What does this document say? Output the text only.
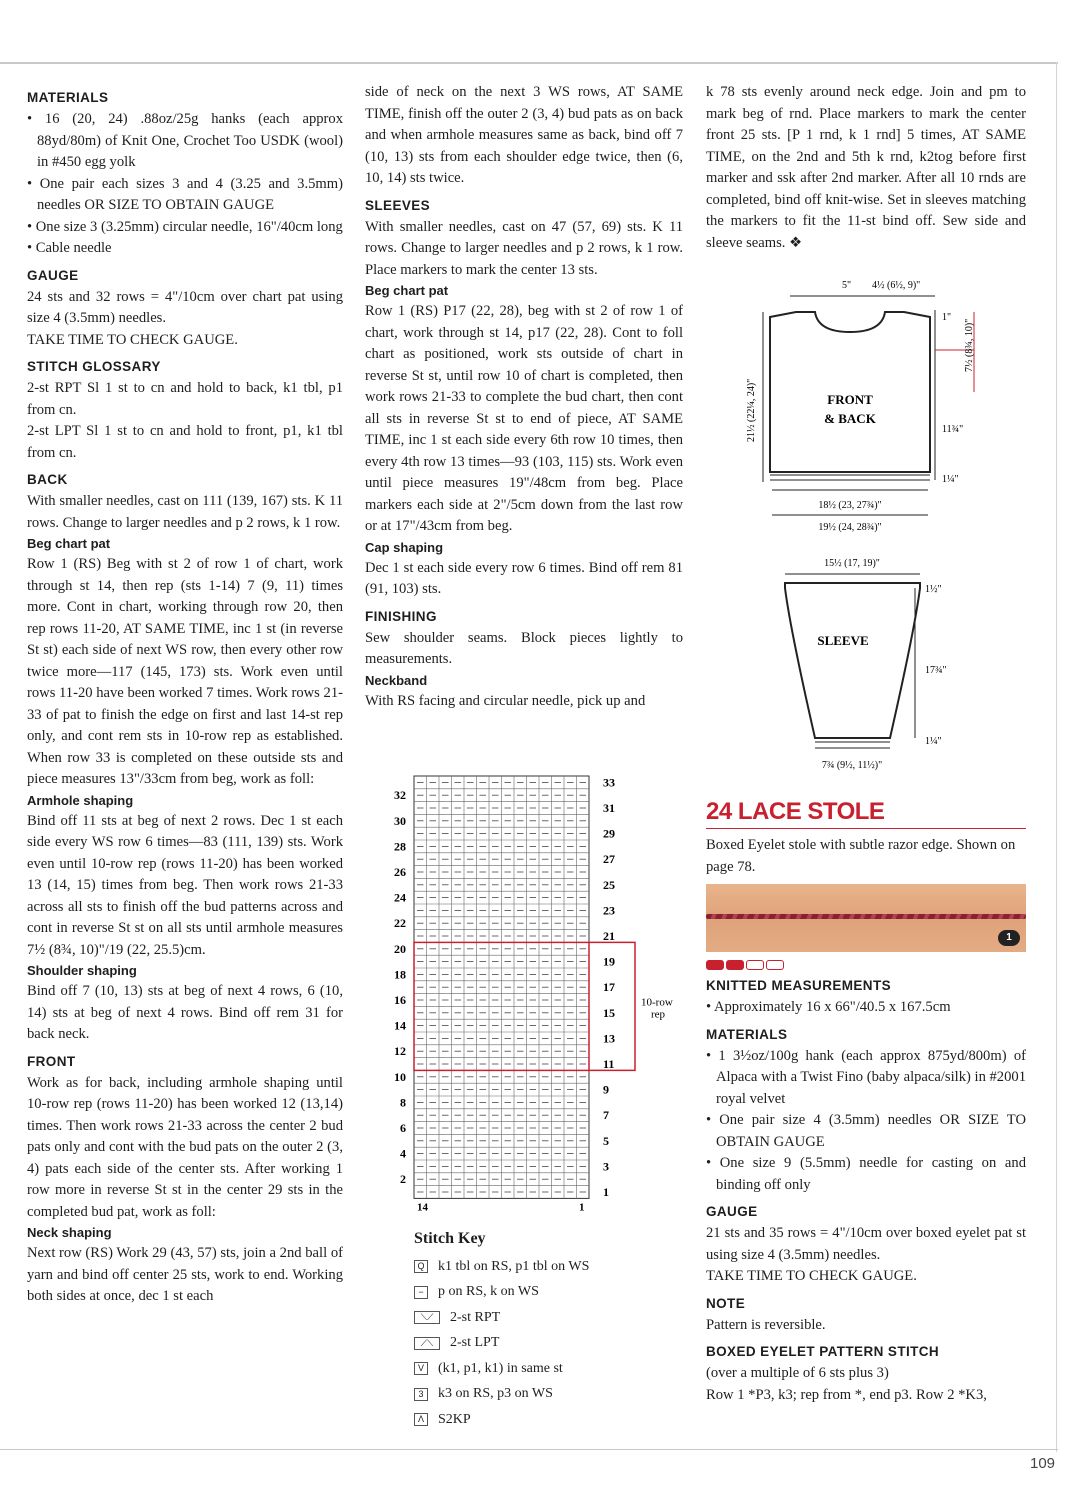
109
MATERIALS

• 16 (20, 24) .88oz/25g hanks (each approx 88yd/80m) of Knit One, Crochet Too USDK (wool) in #450 egg yolk

• One pair each sizes 3 and 4 (3.25 and 3.5mm) needles OR SIZE TO OBTAIN GAUGE

• One size 3 (3.25mm) circular needle, 16"/40cm long

• Cable needle

GAUGE

24 sts and 32 rows = 4"/10cm over chart pat using size 4 (3.5mm) needles.

TAKE TIME TO CHECK GAUGE.

STITCH GLOSSARY

2-st RPT Sl 1 st to cn and hold to back, k1 tbl, p1 from cn.

2-st LPT Sl 1 st to cn and hold to front, p1, k1 tbl from cn.

BACK

With smaller needles, cast on 111 (139, 167) sts. K 11 rows. Change to larger needles and p 2 rows, k 1 row.

Beg chart pat

Row 1 (RS) Beg with st 2 of row 1 of chart, work through st 14, then rep (sts 1-14) 7 (9, 11) times more. Cont in chart, working through row 20, then rep rows 11-20, AT SAME TIME, inc 1 st (in reverse St st) each side of next WS row, then every other row twice more—117 (145, 173) sts. Work even until rows 11-20 have been worked 7 times. Work rows 21-33 of pat to finish the edge on first and last 14-st rep only, and cont rem sts in 10-row rep as established. When row 33 is completed on these outside sts and piece measures 13"/33cm from beg, work as foll:

Armhole shaping

Bind off 11 sts at beg of next 2 rows. Dec 1 st each side every WS row 6 times—83 (111, 139) sts. Work even until 10-row rep (rows 11-20) has been worked 13 (14, 15) times from beg. Then work rows 21-33 across all sts to finish off the bud patterns across and cont in reverse St st on all sts until armhole measures 7½ (8¾, 10)"/19 (22, 25.5)cm.

Shoulder shaping

Bind off 7 (10, 13) sts at beg of next 4 rows, 6 (10, 14) sts at beg of next 4 rows. Bind off rem 31 for back neck.

FRONT

Work as for back, including armhole shaping until 10-row rep (rows 11-20) has been worked 12 (13,14) times. Then work rows 21-33 across the center 2 bud pats only and cont with the bud pats on the outer 2 (3, 4) pats each side of the center sts. After working 1 row more in reverse St st in the center 29 sts in the completed bud pat, work as foll:

Neck shaping

Next row (RS) Work 29 (43, 57) sts, join a 2nd ball of yarn and bind off center 25 sts, work to end. Working both sides at once, dec 1 st each

side of neck on the next 3 WS rows, AT SAME TIME, finish off the outer 2 (3, 4) bud pats as on back and when armhole measures same as back, bind off 7 (10, 13) sts from each shoulder edge twice, then (6, 10, 14) sts twice.

SLEEVES

With smaller needles, cast on 47 (57, 69) sts. K 11 rows. Change to larger needles and p 2 rows, k 1 row. Place markers to mark the center 13 sts.

Beg chart pat

Row 1 (RS) P17 (22, 28), beg with st 2 of row 1 of chart, work through st 14, p17 (22, 28). Cont to foll chart as positioned, work sts outside of chart in reverse St st, until row 10 of chart is completed, then work rows 21-33 to complete the bud chart, then cont all sts in reverse St st to end of piece, AT SAME TIME, inc 1 st each side every 6th row 10 times, then every 4th row 13 times—93 (103, 115) sts. Work even until piece measures 19"/48cm from beg. Place markers each side at 2"/5cm down from the last row or at 17"/43cm from beg.

Cap shaping

Dec 1 st each side every row 6 times. Bind off rem 81 (91, 103) sts.

FINISHING

Sew shoulder seams. Block pieces lightly to measurements.

Neckband

With RS facing and circular needle, pick up and

k 78 sts evenly around neck edge. Join and pm to mark beg of rnd. Place markers to mark the center front 25 sts. [P 1 rnd, k 1 rnd] 5 times, AT SAME TIME, on the 2nd and 5th k rnd, k2tog before first marker and ssk after 2nd marker. After all 10 rnds are completed, bind off knit-wise. Set in sleeves matching the markers to fit the 11-st bind off. Sew side and sleeve seams. ❖

5" 4½ (6½, 9)"
1"
7½ (8¾, 10)"
21½ (22¼, 24)"	11¾"
1¼"
FRONT
& BACK
18½ (23, 27¾)"
19½ (24, 28¾)"
15½ (17, 19)"
1½"
17¾"
1¼"
SLEEVE
7¾ (9½, 11½)"
24 LACE STOLE

Boxed Eyelet stole with subtle razor edge. Shown on page 78.

1
KNITTED MEASUREMENTS

• Approximately 16 x 66"/40.5 x 167.5cm

MATERIALS

• 1 3½oz/100g hank (each approx 875yd/800m) of Alpaca with a Twist Fino (baby alpaca/silk) in #2001 royal velvet

• One pair size 4 (3.5mm) needles OR SIZE TO OBTAIN GAUGE

• One size 9 (5.5mm) needle for casting on and binding off only

GAUGE

21 sts and 35 rows = 4"/10cm over boxed eyelet pat st using size 4 (3.5mm) needles.

TAKE TIME TO CHECK GAUGE.

NOTE

Pattern is reversible.

BOXED EYELET PATTERN STITCH

(over a multiple of 6 sts plus 3)

Row 1 *P3, k3; rep from *, end p3. Row 2 *K3,

32
30
28
26
24
22
20
18
16
14
12
10
8
6
4
2
33
31
29
27
25
23
21
19
17
15
13
11
9
7
5
3
1
14	1
10-row
rep
Stitch Key
Q k1 tbl on RS, p1 tbl on WS
−	p on RS, k on WS
⟍⟋	2-st RPT
⟋⟍	2-st LPT
V (k1, p1, k1) in same st
3	k3 on RS, p3 on WS
Λ S2KP
